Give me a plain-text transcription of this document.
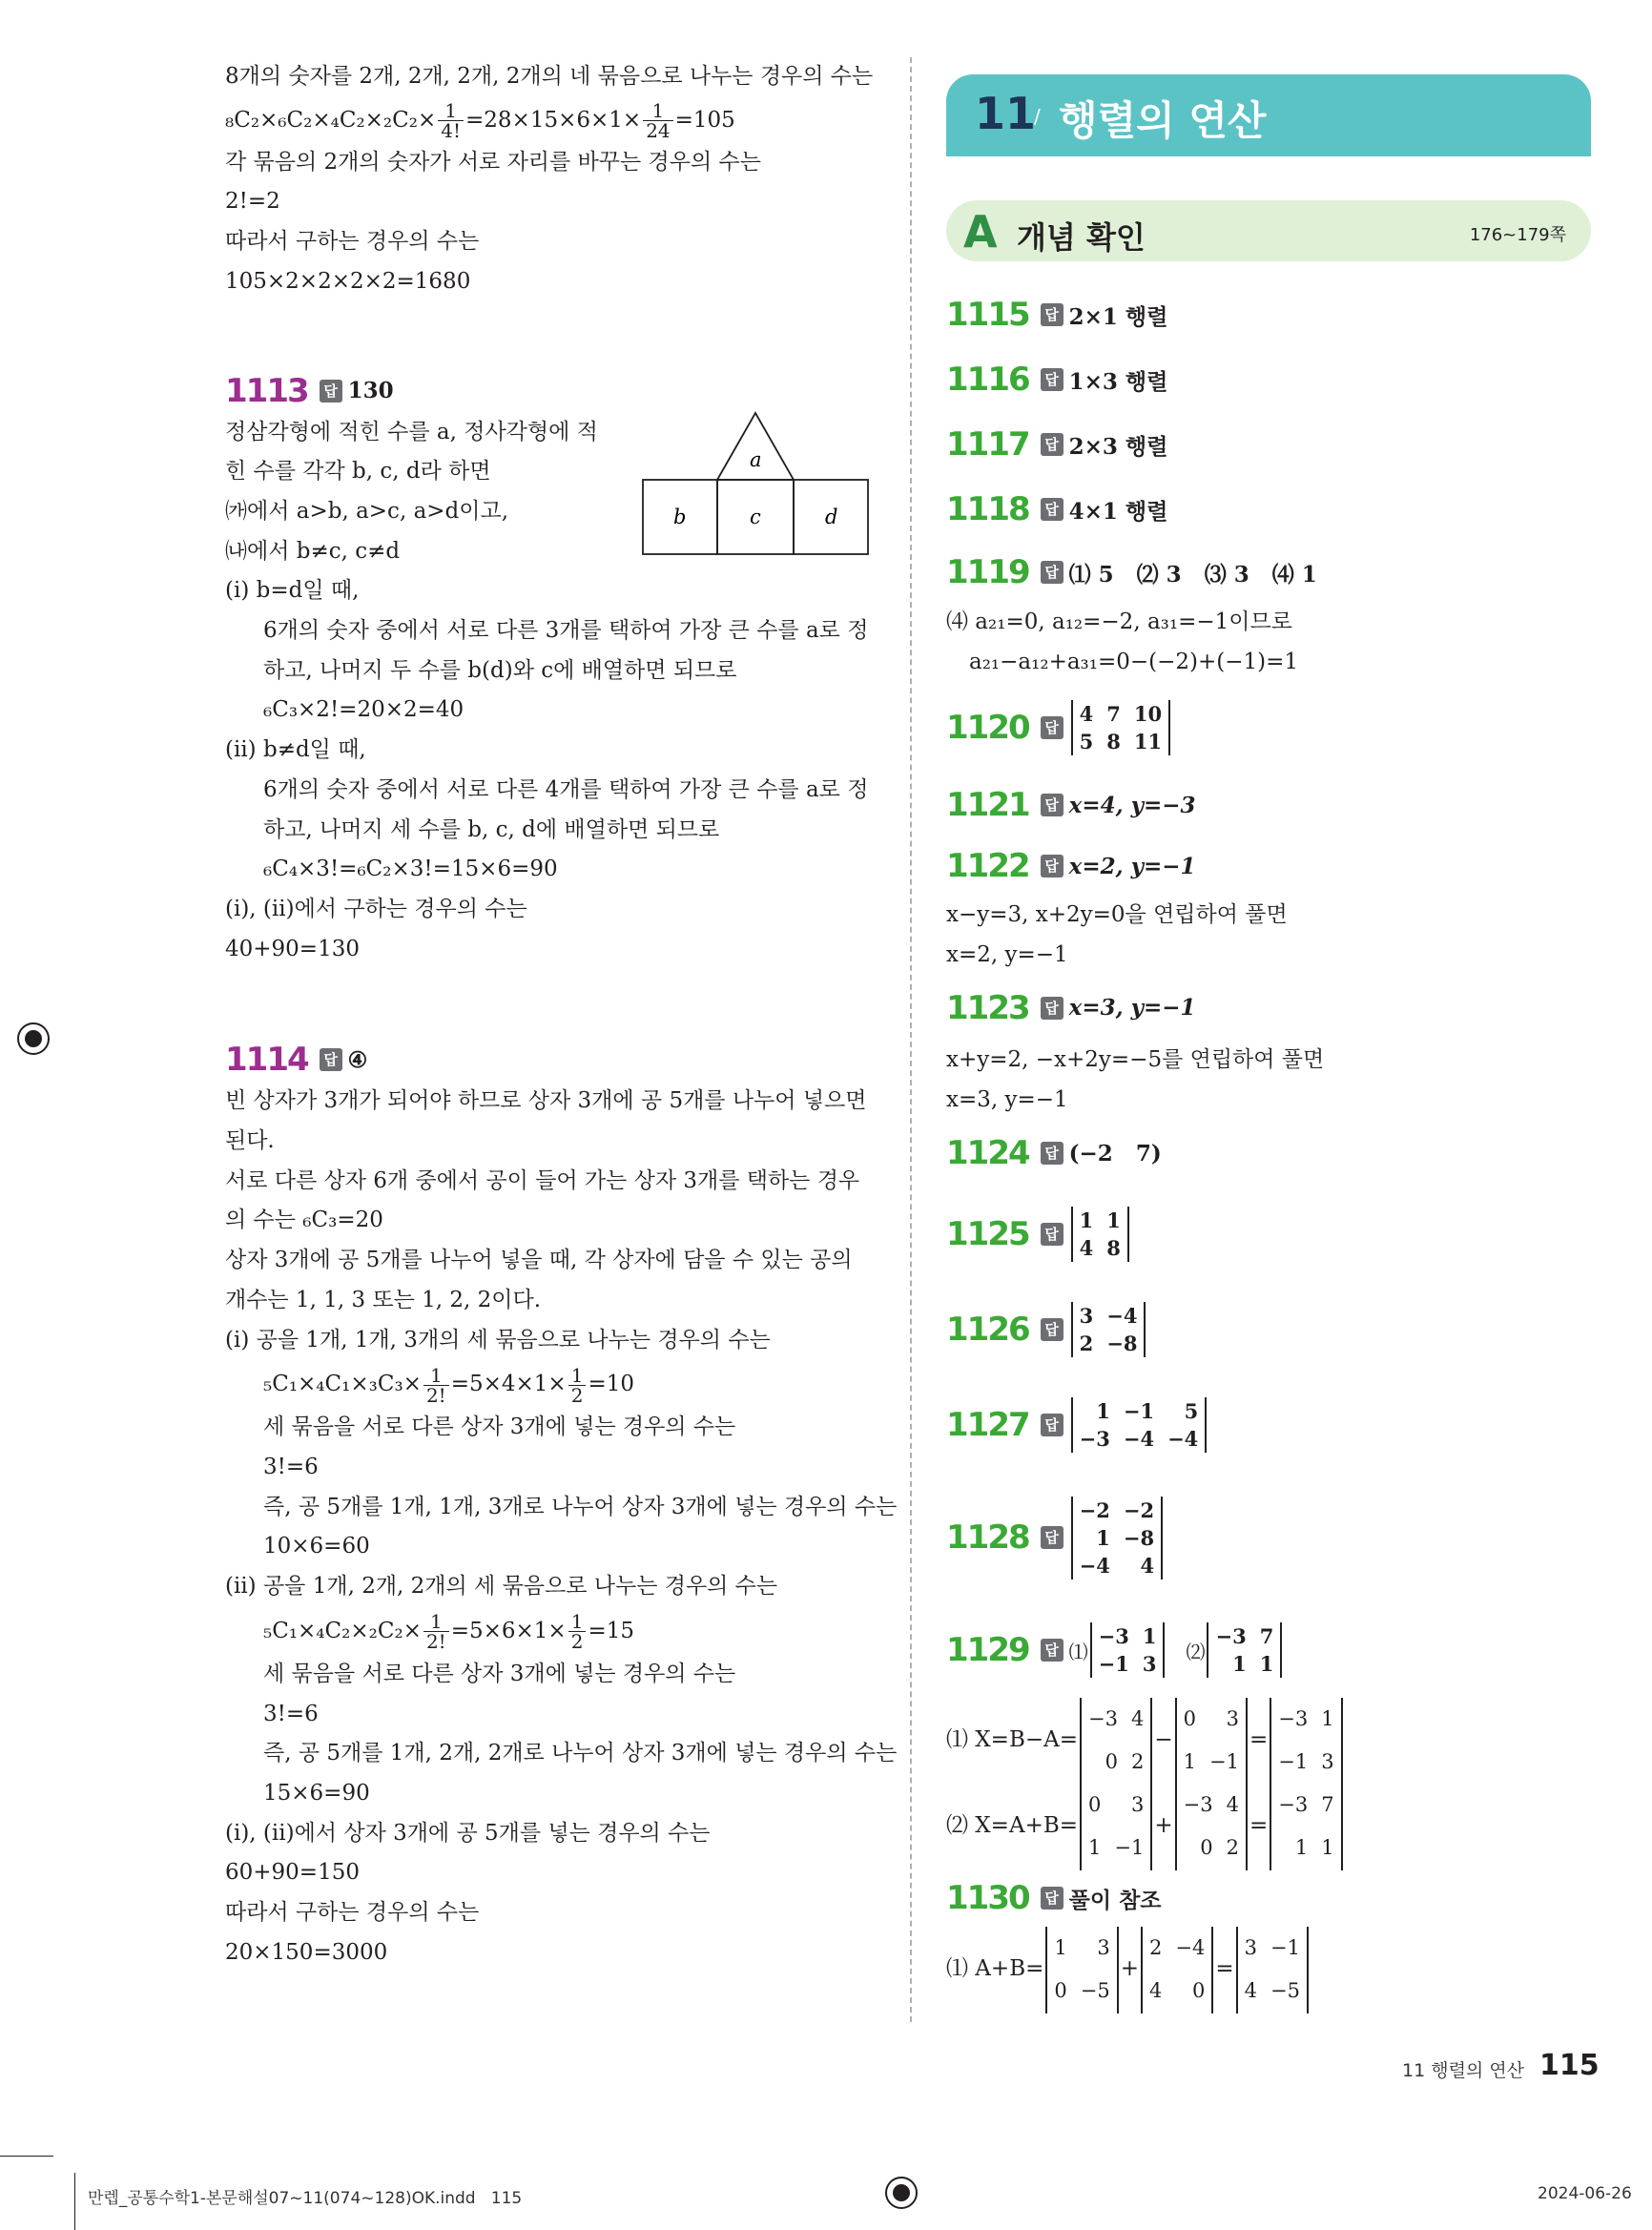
8개의 숫자를 2개, 2개, 2개, 2개의 네 묶음으로 나누는 경우의 수는
$_8C_2\times_6C_2\times_4C_2\times_2C_2\times \frac{1}{4!} =28\times 15\times 6\times 1\times \frac{1}{24} =105$
각 묶음의 2개의 숫자가 서로 자리를 바꾸는 경우의 수는
2!=2
따라서 구하는 경우의 수는
105×2×2×2×2=1680
1113	답 130
정삼각형에 적힌 수를 a, 정사각형에 적
힌 수를 각각 b, c, d라 하면
㈎에서 a>b, a>c, a>d이고,
㈏에서 b≠c, c≠d
a
b	c	d
(ⅰ) b=d일 때,
6개의 숫자 중에서 서로 다른 3개를 택하여 가장 큰 수를 a로 정
하고, 나머지 두 수를 b(d)와 c에 배열하면 되므로
₆C₃×2!=20×2=40
(ⅱ) b≠d일 때,
6개의 숫자 중에서 서로 다른 4개를 택하여 가장 큰 수를 a로 정
하고, 나머지 세 수를 b, c, d에 배열하면 되므로
₆C₄×3!=₆C₂×3!=15×6=90
(ⅰ), (ⅱ)에서 구하는 경우의 수는
40+90=130
1114	답 ④
빈 상자가 3개가 되어야 하므로 상자 3개에 공 5개를 나누어 넣으면
된다.
서로 다른 상자 6개 중에서 공이 들어 가는 상자 3개를 택하는 경우
의 수는 ₆C₃=20
상자 3개에 공 5개를 나누어 넣을 때, 각 상자에 담을 수 있는 공의
개수는 1, 1, 3 또는 1, 2, 2이다.
(ⅰ) 공을 1개, 1개, 3개의 세 묶음으로 나누는 경우의 수는
$_5C_1\times_4C_1\times_3C_3\times \frac{1}{2!} =5\times 4\times 1\times \frac{1}{2} =10$
세 묶음을 서로 다른 상자 3개에 넣는 경우의 수는
3!=6
즉, 공 5개를 1개, 1개, 3개로 나누어 상자 3개에 넣는 경우의 수는
10×6=60
(ⅱ) 공을 1개, 2개, 2개의 세 묶음으로 나누는 경우의 수는
$_5C_1\times_4C_2\times_2C_2\times \frac{1}{2!} =5\times 6\times 1\times \frac{1}{2} =15$
세 묶음을 서로 다른 상자 3개에 넣는 경우의 수는
3!=6
즉, 공 5개를 1개, 2개, 2개로 나누어 상자 3개에 넣는 경우의 수는
15×6=90
(ⅰ), (ⅱ)에서 상자 3개에 공 5개를 넣는 경우의 수는
60+90=150
따라서 구하는 경우의 수는
20×150=3000
11
/ 행렬의 연산
A 개념 확인	176~179쪽
1115	답 2×1 행렬
1116	답 1×3 행렬
1117	답 2×3 행렬
1118	답 4×1 행렬
1119	답 ⑴ 5   ⑵ 3   ⑶ 3   ⑷ 1
⑷ a₂₁=0, a₁₂=−2, a₃₁=−1이므로
a₂₁−a₁₂+a₃₁=0−(−2)+(−1)=1
1120	답
4	7	10
5	8	11
1121	답 x=4, y=−3
1122	답 x=2, y=−1
x−y=3, x+2y=0을 연립하여 풀면
x=2, y=−1
1123	답 x=3, y=−1
x+y=2, −x+2y=−5를 연립하여 풀면
x=3, y=−1
1124	답 (−2   7)
1125	답
1	1
4	8
1126	답
3	−4
2	−8
1127	답
1	−1	5
−3	−4	−4
1128	답
−2	−2
1	−8
−4	4
1129	답 ⑴
−3	1
−1	3
⑵
−3	7
1	1
⑴ X=B−A=
−3	4
0	2
−
0	3
1	−1
=
−3	1
−1	3
⑵ X=A+B=
0	3
1	−1
+
−3	4
0	2
=
−3	7
1	1
1130	답 풀이 참조
⑴ A+B=
1	3
0	−5
+
2	−4
4	0
=
3	−1
4	−5
11 행렬의 연산 115
만렙_공통수학1-본문해설07~11(074~128)OK.indd   115	2024-06-26
